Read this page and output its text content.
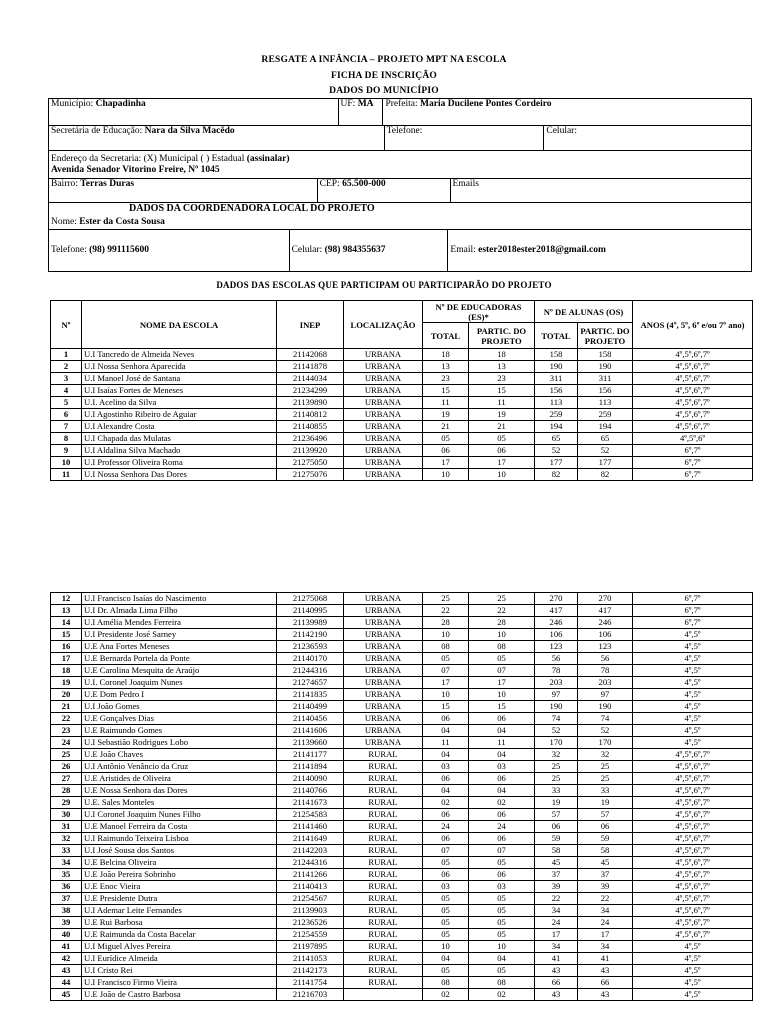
RESGATE A INFÂNCIA – PROJETO MPT NA ESCOLA
FICHA DE INSCRIÇÃO
DADOS DO MUNICÍPIO
Município: Chapadinha	UF: MA	Prefeita: Maria Ducilene Pontes Cordeiro
Secretária de Educação: Nara da Silva Macêdo	Telefone:	Celular:
Endereço da Secretaria: (X) Municipal ( ) Estadual (assinalar)
Avenida Senador Vitorino Freire, Nº 1045
Bairro: Terras Duras	CEP: 65.500-000	Emails
DADOS DA COORDENADORA LOCAL DO PROJETO
Nome: Ester da Costa Sousa
Telefone: (98) 991115600	Celular: (98) 984355637	Email: ester2018ester2018@gmail.com
DADOS DAS ESCOLAS QUE PARTICIPAM OU PARTICIPARÃO DO PROJETO
Nº	NOME DA ESCOLA	INEP	LOCALIZAÇÃO	Nº DE EDUCADORAS (ES)*		Nº DE ALUNAS (OS)		ANOS (4º, 5º, 6º e/ou 7º ano)
				TOTAL	PARTIC. DO PROJETO	TOTAL	PARTIC. DO PROJETO	
1	U.I Tancredo de Almeida Neves	21142068	URBANA	18	18	158	158	4º,5º,6º,7º
2	U.I Nossa Senhora Aparecida	21141878	URBANA	13	13	190	190	4º,5º,6º,7º
3	U.I Manoel José de Santana	21144034	URBANA	23	23	311	311	4º,5º,6º,7º
4	U.I Isaías Fortes de Meneses	21234299	URBANA	15	15	156	156	4º,5º,6º,7º
5	U.I. Acelino da Silva	21139890	URBANA	11	11	113	113	4º,5º,6º,7º
6	U.I Agostinho Ribeiro de Aguiar	21140812	URBANA	19	19	259	259	4º,5º,6º,7º
7	U.I Alexandre Costa	21140855	URBANA	21	21	194	194	4º,5º,6º,7º
8	U.I Chapada das Mulatas	21236496	URBANA	05	05	65	65	4º,5º,6º
9	U.I Aldalina Silva Machado	21139920	URBANA	06	06	52	52	6º,7º
10	U.I Professor Oliveira Roma	21275050	URBANA	17	17	177	177	6º,7º
11	U.I Nossa Senhora Das Dores	21275076	URBANA	10	10	82	82	6º,7º
12	U.I Francisco Isaías do Nascimento	21275068	URBANA	25	25	270	270	6º,7º
13	U.I Dr. Almada Lima Filho	21140995	URBANA	22	22	417	417	6º,7º
14	U.I Amélia Mendes Ferreira	21139989	URBANA	28	28	246	246	6º,7º
15	U.I Presidente José Sarney	21142190	URBANA	10	10	106	106	4º,5º
16	U.E Ana Fortes Meneses	21236593	URBANA	08	08	123	123	4º,5º
17	U.E Bernarda Portela da Ponte	21140170	URBANA	05	05	56	56	4º,5º
18	U.E Carolina Mesquita de Araújo	21244316	URBANA	07	07	78	78	4º,5º
19	U.I. Coronel Joaquim Nunes	21274657	URBANA	17	17	203	203	4º,5º
20	U.E Dom Pedro I	21141835	URBANA	10	10	97	97	4º,5º
21	U.I João Gomes	21140499	URBANA	15	15	190	190	4º,5º
22	U.E Gonçalves Dias	21140456	URBANA	06	06	74	74	4º,5º
23	U.E Raimundo Gomes	21141606	URBANA	04	04	52	52	4º,5º
24	U.I Sebastião Rodrigues Lobo	21139660	URBANA	11	11	170	170	4º,5º
25	U.E João Chaves	21141177	RURAL	04	04	32	32	4º,5º,6º,7º
26	U.I Antônio Venâncio da Cruz	21141894	RURAL	03	03	25	25	4º,5º,6º,7º
27	U.E Aristides de Oliveira	21140090	RURAL	06	06	25	25	4º,5º,6º,7º
28	U.E Nossa Senhora das Dores	21140766	RURAL	04	04	33	33	4º,5º,6º,7º
29	U.E. Sales Monteles	21141673	RURAL	02	02	19	19	4º,5º,6º,7º
30	U.I Coronel Joaquim Nunes Filho	21254583	RURAL	06	06	57	57	4º,5º,6º,7º
31	U.E Manoel Ferreira da Costa	21141460	RURAL	24	24	06	06	4º,5º,6º,7º
32	U.I Raimundo Teixeira Lisboa	21141649	RURAL	06	06	59	59	4º,5º,6º,7º
33	U.I José Sousa dos Santos	21142203	RURAL	07	07	58	58	4º,5º,6º,7º
34	U.E Belcina Oliveira	21244316	RURAL	05	05	45	45	4º,5º,6º,7º
35	U.E João Pereira Sobrinho	21141266	RURAL	06	06	37	37	4º,5º,6º,7º
36	U.E Enoc Vieira	21140413	RURAL	03	03	39	39	4º,5º,6º,7º
37	U.E Presidente Dutra	21254567	RURAL	05	05	22	22	4º,5º,6º,7º
38	U.I Ademar Leite Fernandes	21139903	RURAL	05	05	34	34	4º,5º,6º,7º
39	U.E Rui Barbosa	21236526	RURAL	05	05	24	24	4º,5º,6º,7º
40	U.E Raimunda da Costa Bacelar	21254559	RURAL	05	05	17	17	4º,5º,6º,7º
41	U.I Miguel Alves Pereira	21197895	RURAL	10	10	34	34	4º,5º
42	U.I Eurídice Almeida	21141053	RURAL	04	04	41	41	4º,5º
43	U.I Cristo Rei	21142173	RURAL	05	05	43	43	4º,5º
44	U.I Francisco Firmo Vieira	21141754	RURAL	08	08	66	66	4º,5º
45	U.E João de Castro Barbosa	21216703		02	02	43	43	4º,5º
